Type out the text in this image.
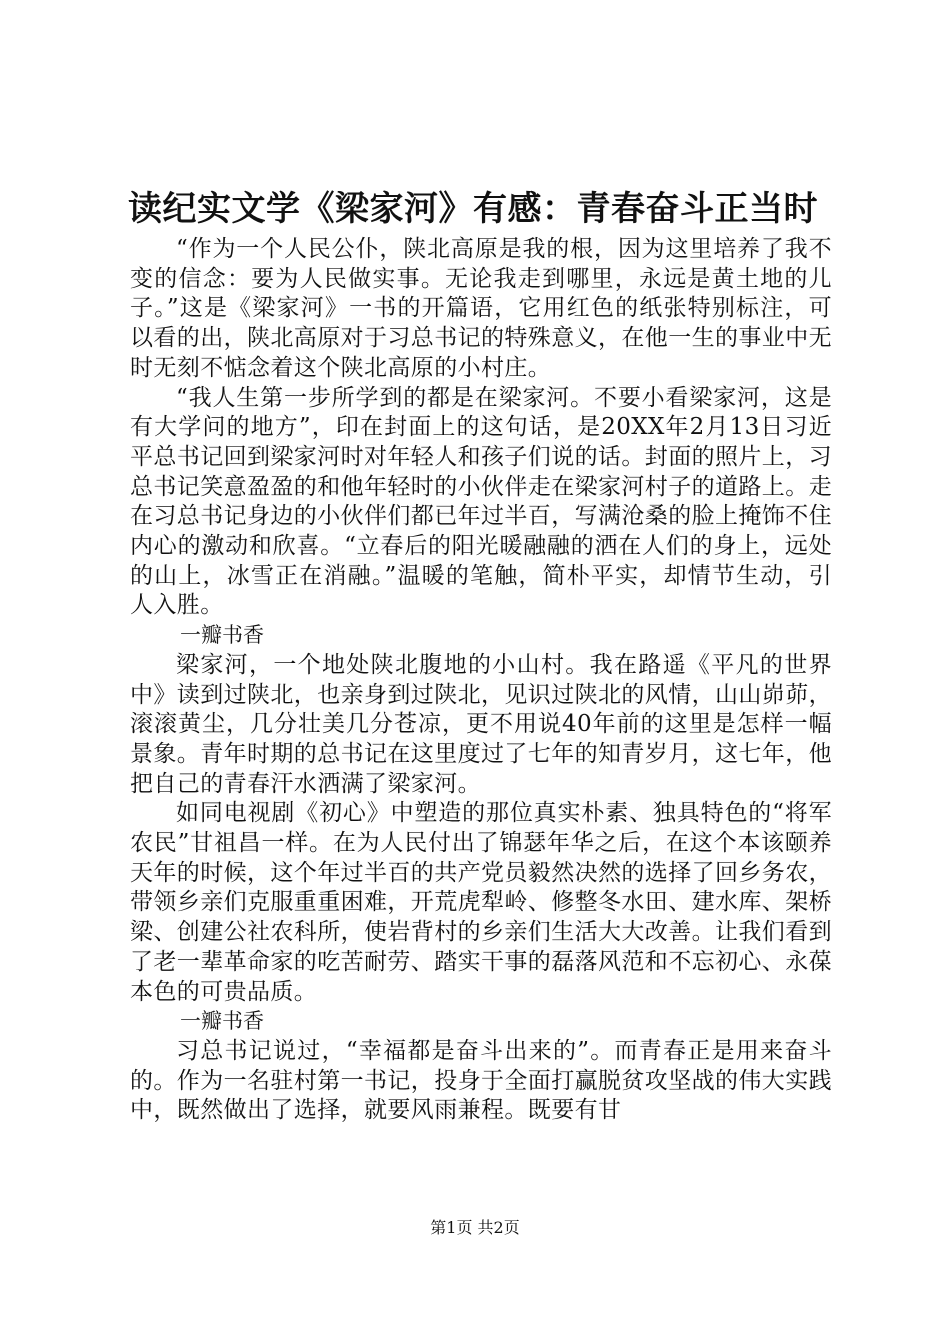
读纪实文学《梁家河》有感：青春奋斗正当时

“作为一个人民公仆，陕北高原是我的根，因为这里培养了我不变的信念：要为人民做实事。无论我走到哪里，永远是黄土地的儿子。”这是《梁家河》一书的开篇语，它用红色的纸张特别标注，可以看的出，陕北高原对于习总书记的特殊意义，在他一生的事业中无时无刻不惦念着这个陕北高原的小村庄。

“我人生第一步所学到的都是在梁家河。不要小看梁家河，这是有大学问的地方”，印在封面上的这句话，是20XX年2月13日习近平总书记回到梁家河时对年轻人和孩子们说的话。封面的照片上，习总书记笑意盈盈的和他年轻时的小伙伴走在梁家河村子的道路上。走在习总书记身边的小伙伴们都已年过半百，写满沧桑的脸上掩饰不住内心的激动和欣喜。“立春后的阳光暖融融的洒在人们的身上，远处的山上，冰雪正在消融。”温暖的笔触，简朴平实，却情节生动，引人入胜。

一瓣书香

梁家河，一个地处陕北腹地的小山村。我在路遥《平凡的世界中》读到过陕北，也亲身到过陕北，见识过陕北的风情，山山峁茆，滚滚黄尘，几分壮美几分苍凉，更不用说40年前的这里是怎样一幅景象。青年时期的总书记在这里度过了七年的知青岁月，这七年，他把自己的青春汗水洒满了梁家河。

如同电视剧《初心》中塑造的那位真实朴素、独具特色的“将军农民”甘祖昌一样。在为人民付出了锦瑟年华之后，在这个本该颐养天年的时候，这个年过半百的共产党员毅然决然的选择了回乡务农，带领乡亲们克服重重困难，开荒虎犁岭、修整冬水田、建水库、架桥梁、创建公社农科所，使岩背村的乡亲们生活大大改善。让我们看到了老一辈革命家的吃苦耐劳、踏实干事的磊落风范和不忘初心、永葆本色的可贵品质。

一瓣书香

习总书记说过，“幸福都是奋斗出来的”。而青春正是用来奋斗的。作为一名驻村第一书记，投身于全面打赢脱贫攻坚战的伟大实践中，既然做出了选择，就要风雨兼程。既要有甘

第1页 共2页
